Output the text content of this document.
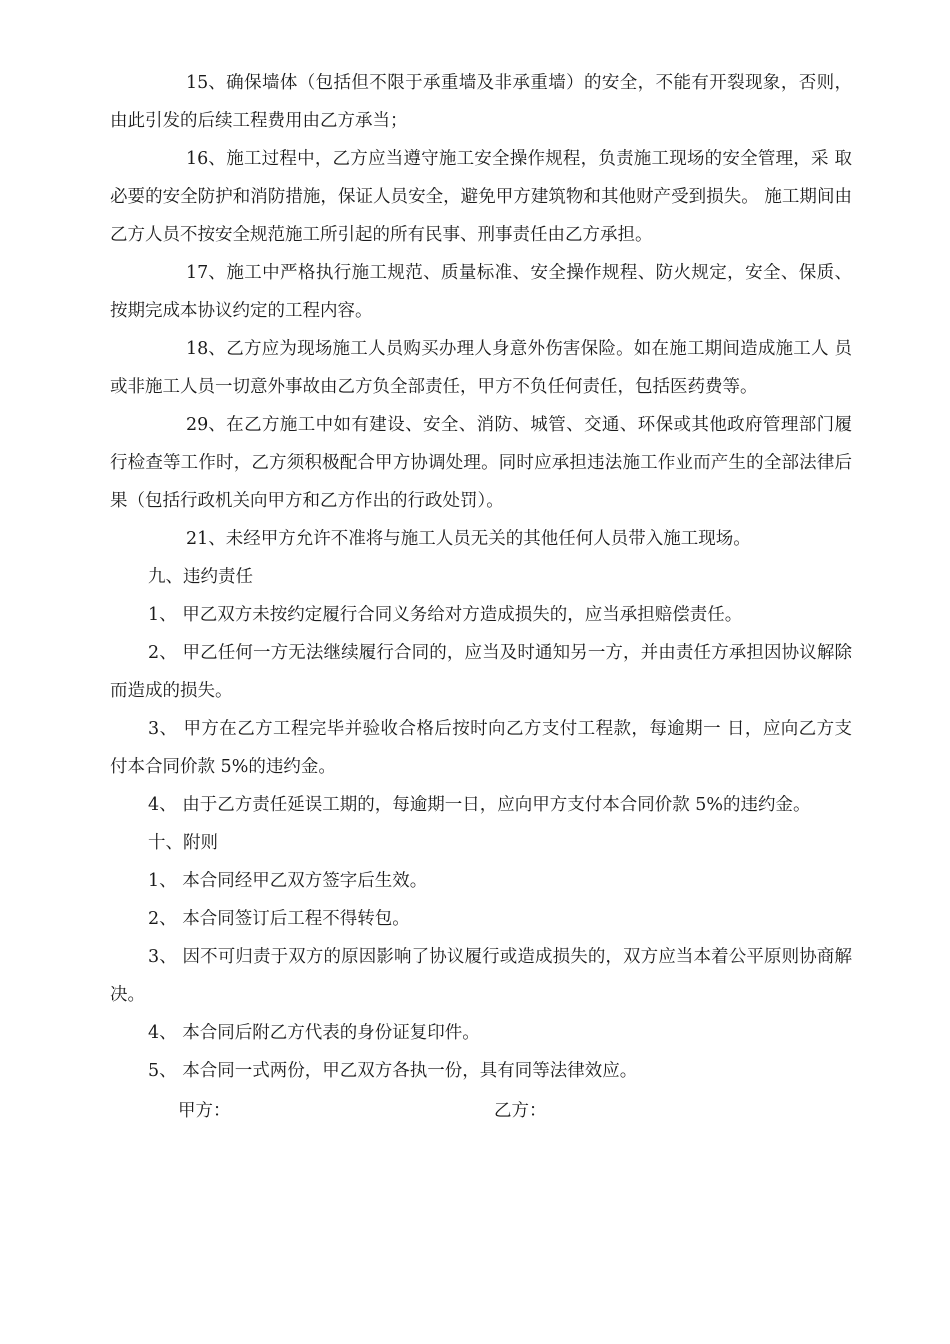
15、确保墙体（包括但不限于承重墙及非承重墙）的安全，不能有开裂现象，否则， 由此引发的后续工程费用由乙方承当；

16、施工过程中，乙方应当遵守施工安全操作规程，负责施工现场的安全管理，采 取必要的安全防护和消防措施，保证人员安全，避免甲方建筑物和其他财产受到损失。 施工期间由乙方人员不按安全规范施工所引起的所有民事、刑事责任由乙方承担。

17、施工中严格执行施工规范、质量标准、安全操作规程、防火规定，安全、保质、 按期完成本协议约定的工程内容。

18、乙方应为现场施工人员购买办理人身意外伤害保险。如在施工期间造成施工人 员或非施工人员一切意外事故由乙方负全部责任，甲方不负任何责任，包括医药费等。

29、在乙方施工中如有建设、安全、消防、城管、交通、环保或其他政府管理部门履行检查等工作时，乙方须积极配合甲方协调处理。同时应承担违法施工作业而产生的全部法律后果（包括行政机关向甲方和乙方作出的行政处罚）。

21、未经甲方允许不准将与施工人员无关的其他任何人员带入施工现场。

九、违约责任

1、 甲乙双方未按约定履行合同义务给对方造成损失的，应当承担赔偿责任。

2、 甲乙任何一方无法继续履行合同的，应当及时通知另一方，并由责任方承担因协议解除而造成的损失。

3、 甲方在乙方工程完毕并验收合格后按时向乙方支付工程款，每逾期一 日，应向乙方支付本合同价款 5%的违约金。

4、 由于乙方责任延误工期的，每逾期一日，应向甲方支付本合同价款 5%的违约金。

十、附则

1、 本合同经甲乙双方签字后生效。

2、 本合同签订后工程不得转包。

3、 因不可归责于双方的原因影响了协议履行或造成损失的，双方应当本着公平原则协商解决。

4、 本合同后附乙方代表的身份证复印件。

5、 本合同一式两份，甲乙双方各执一份，具有同等法律效应。

甲方：	乙方：
